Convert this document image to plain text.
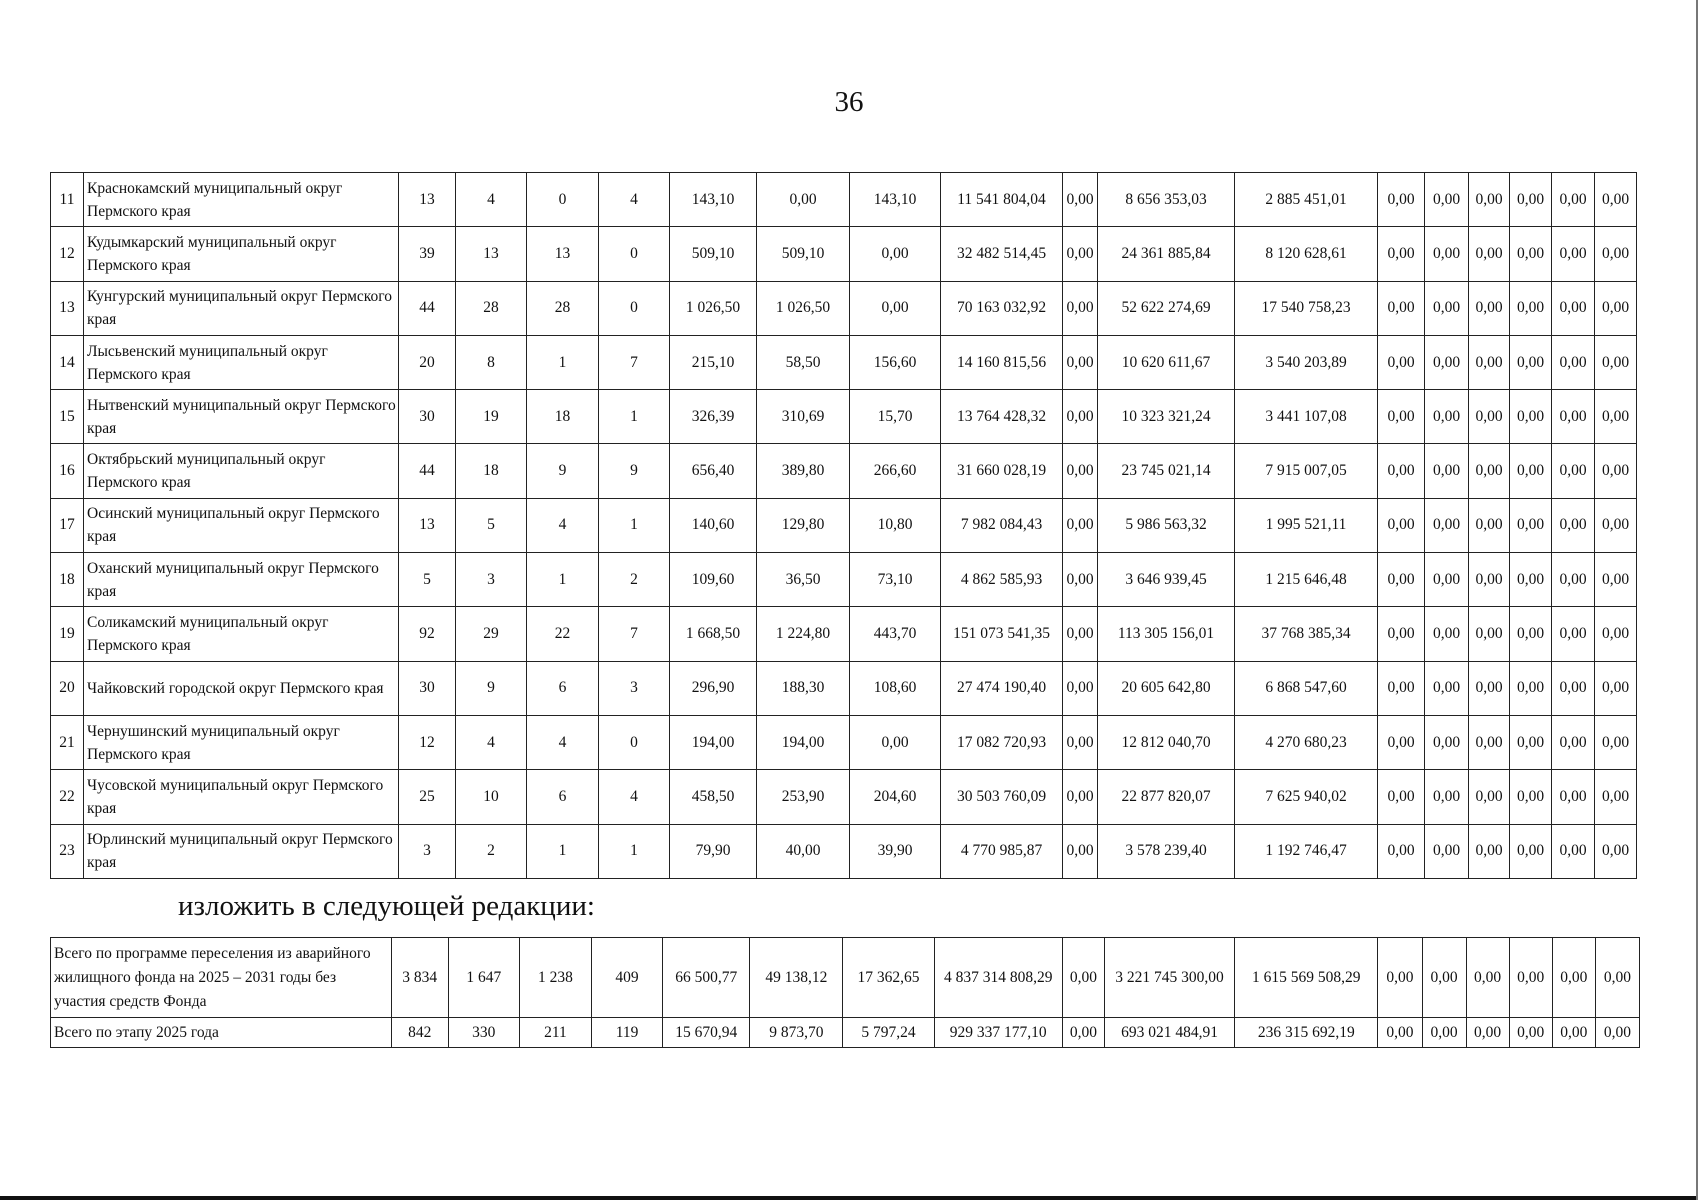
36
11	Краснокамский муниципальный округ Пермского края	13	4	0	4	143,10	0,00	143,10	11 541 804,04	0,00	8 656 353,03	2 885 451,01	0,00	0,00	0,00	0,00	0,00	0,00
12	Кудымкарский муниципальный округ Пермского края	39	13	13	0	509,10	509,10	0,00	32 482 514,45	0,00	24 361 885,84	8 120 628,61	0,00	0,00	0,00	0,00	0,00	0,00
13	Кунгурский муниципальный округ Пермского края	44	28	28	0	1 026,50	1 026,50	0,00	70 163 032,92	0,00	52 622 274,69	17 540 758,23	0,00	0,00	0,00	0,00	0,00	0,00
14	Лысьвенский муниципальный округ Пермского края	20	8	1	7	215,10	58,50	156,60	14 160 815,56	0,00	10 620 611,67	3 540 203,89	0,00	0,00	0,00	0,00	0,00	0,00
15	Нытвенский муниципальный округ Пермского края	30	19	18	1	326,39	310,69	15,70	13 764 428,32	0,00	10 323 321,24	3 441 107,08	0,00	0,00	0,00	0,00	0,00	0,00
16	Октябрьский муниципальный округ Пермского края	44	18	9	9	656,40	389,80	266,60	31 660 028,19	0,00	23 745 021,14	7 915 007,05	0,00	0,00	0,00	0,00	0,00	0,00
17	Осинский муниципальный округ Пермского края	13	5	4	1	140,60	129,80	10,80	7 982 084,43	0,00	5 986 563,32	1 995 521,11	0,00	0,00	0,00	0,00	0,00	0,00
18	Оханский муниципальный округ Пермского края	5	3	1	2	109,60	36,50	73,10	4 862 585,93	0,00	3 646 939,45	1 215 646,48	0,00	0,00	0,00	0,00	0,00	0,00
19	Соликамский муниципальный округ Пермского края	92	29	22	7	1 668,50	1 224,80	443,70	151 073 541,35	0,00	113 305 156,01	37 768 385,34	0,00	0,00	0,00	0,00	0,00	0,00
20	Чайковский городской округ Пермского края	30	9	6	3	296,90	188,30	108,60	27 474 190,40	0,00	20 605 642,80	6 868 547,60	0,00	0,00	0,00	0,00	0,00	0,00
21	Чернушинский муниципальный округ Пермского края	12	4	4	0	194,00	194,00	0,00	17 082 720,93	0,00	12 812 040,70	4 270 680,23	0,00	0,00	0,00	0,00	0,00	0,00
22	Чусовской муниципальный округ Пермского края	25	10	6	4	458,50	253,90	204,60	30 503 760,09	0,00	22 877 820,07	7 625 940,02	0,00	0,00	0,00	0,00	0,00	0,00
23	Юрлинский муниципальный округ Пермского края	3	2	1	1	79,90	40,00	39,90	4 770 985,87	0,00	3 578 239,40	1 192 746,47	0,00	0,00	0,00	0,00	0,00	0,00
изложить в следующей редакции:
Всего по программе переселения из аварийного жилищного фонда на 2025 – 2031 годы без участия средств Фонда	3 834	1 647	1 238	409	66 500,77	49 138,12	17 362,65	4 837 314 808,29	0,00	3 221 745 300,00	1 615 569 508,29	0,00	0,00	0,00	0,00	0,00	0,00
Всего по этапу 2025 года	842	330	211	119	15 670,94	9 873,70	5 797,24	929 337 177,10	0,00	693 021 484,91	236 315 692,19	0,00	0,00	0,00	0,00	0,00	0,00
